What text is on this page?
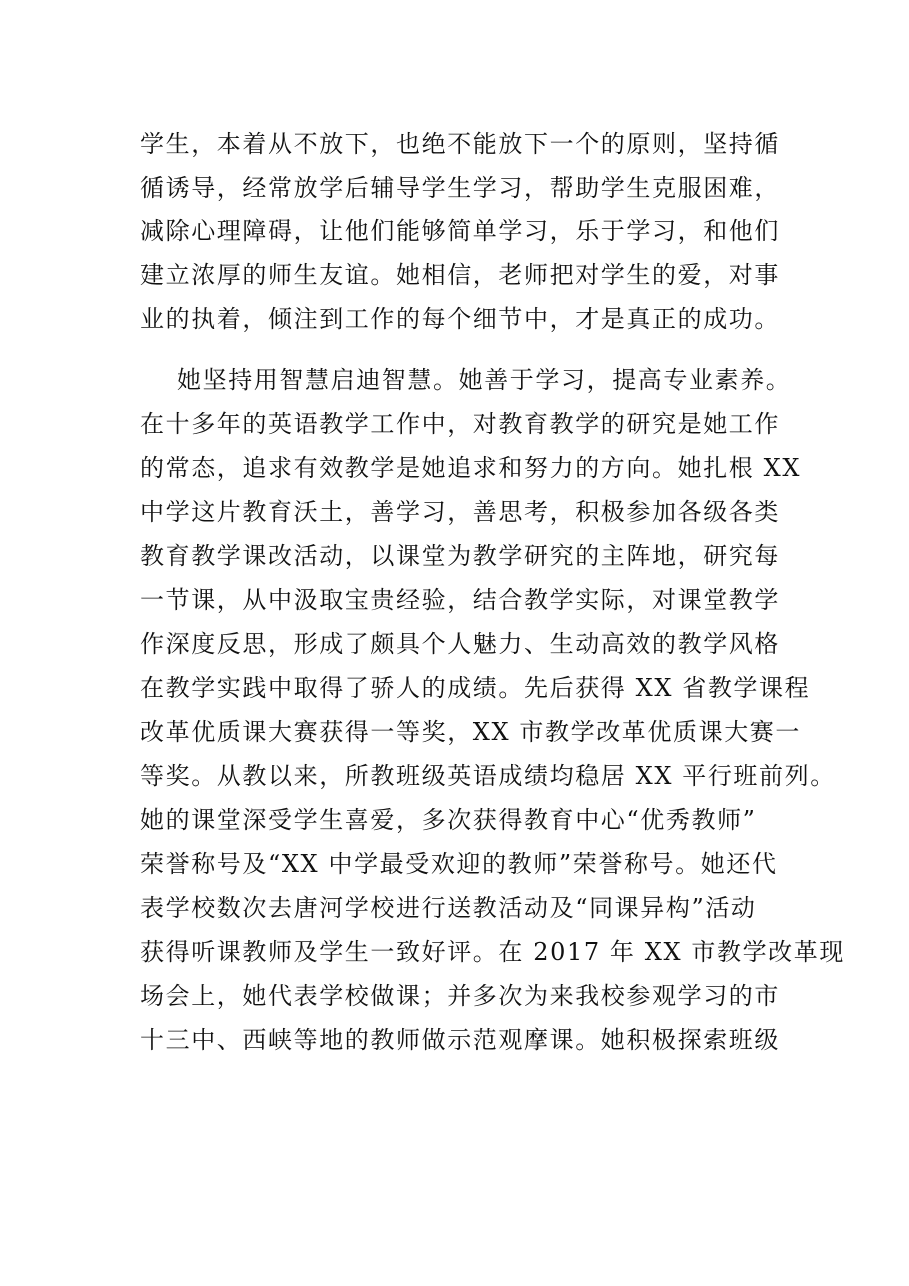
学生，本着从不放下，也绝不能放下一个的原则，坚持循
循诱导，经常放学后辅导学生学习，帮助学生克服困难，
减除心理障碍，让他们能够简单学习，乐于学习，和他们
建立浓厚的师生友谊。她相信，老师把对学生的爱，对事
业的执着，倾注到工作的每个细节中，才是真正的成功。
她坚持用智慧启迪智慧。她善于学习，提高专业素养。
在十多年的英语教学工作中，对教育教学的研究是她工作
的常态，追求有效教学是她追求和努力的方向。她扎根 XX
中学这片教育沃土，善学习，善思考，积极参加各级各类
教育教学课改活动，以课堂为教学研究的主阵地，研究每
一节课，从中汲取宝贵经验，结合教学实际，对课堂教学
作深度反思，形成了颇具个人魅力、生动高效的教学风格
在教学实践中取得了骄人的成绩。先后获得 XX 省教学课程
改革优质课大赛获得一等奖，XX 市教学改革优质课大赛一
等奖。从教以来，所教班级英语成绩均稳居 XX 平行班前列。
她的课堂深受学生喜爱，多次获得教育中心“优秀教师”
荣誉称号及“XX 中学最受欢迎的教师”荣誉称号。她还代
表学校数次去唐河学校进行送教活动及“同课异构”活动
获得听课教师及学生一致好评。在 2017 年 XX 市教学改革现
场会上，她代表学校做课；并多次为来我校参观学习的市
十三中、西峡等地的教师做示范观摩课。她积极探索班级
